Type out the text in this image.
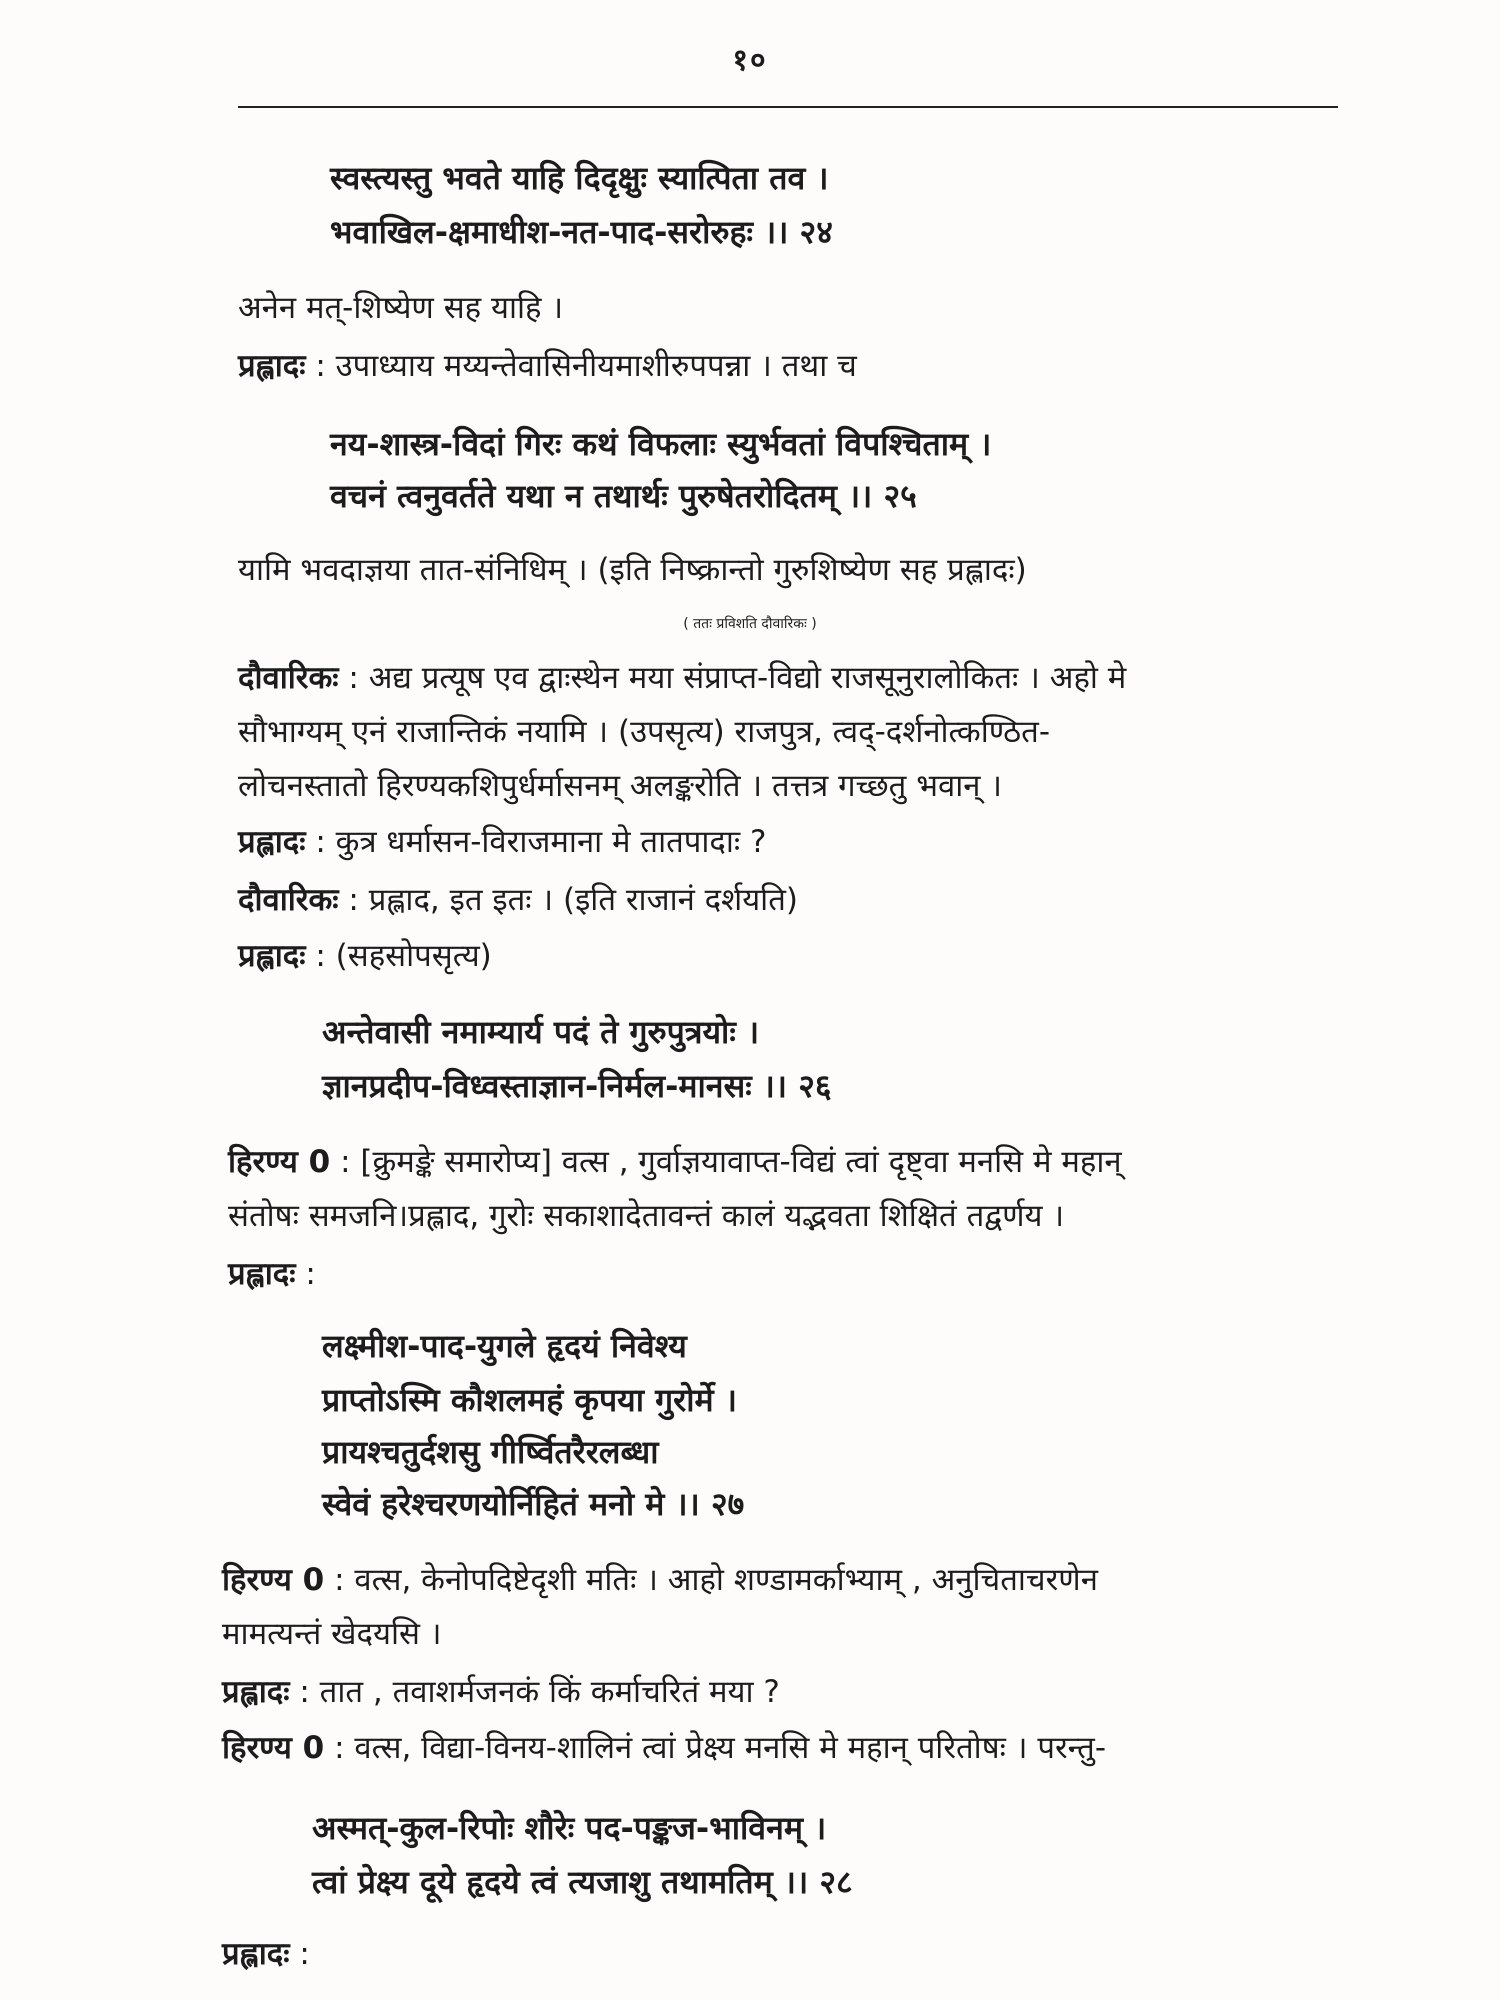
१०
स्वस्त्यस्तु भवते याहि दिदृक्षुः स्यात्पिता तव ।
भवाखिल-क्षमाधीश-नत-पाद-सरोरुहः ।। २४
अनेन मत्-शिष्येण सह याहि ।
प्रह्लादः : उपाध्याय मय्यन्तेवासिनीयमाशीरुपपन्ना । तथा च
नय-शास्त्र-विदां गिरः कथं विफलाः स्युर्भवतां विपश्चिताम् ।
वचनं त्वनुवर्तते यथा न तथार्थः पुरुषेतरोदितम् ।। २५
यामि भवदाज्ञया तात-संनिधिम् । (इति निष्क्रान्तो गुरुशिष्येण सह प्रह्लादः)
( ततः प्रविशति दौवारिकः )
दौवारिकः : अद्य प्रत्यूष एव द्वाःस्थेन मया संप्राप्त-विद्यो राजसूनुरालोकितः । अहो मे
सौभाग्यम् एनं राजान्तिकं नयामि । (उपसृत्य) राजपुत्र, त्वद्-दर्शनोत्कण्ठित-
लोचनस्तातो हिरण्यकशिपुर्धर्मासनम् अलङ्करोति । तत्तत्र गच्छतु भवान् ।
प्रह्लादः : कुत्र धर्मासन-विराजमाना मे तातपादाः ?
दौवारिकः : प्रह्लाद, इत इतः । (इति राजानं दर्शयति)
प्रह्लादः : (सहसोपसृत्य)
अन्तेवासी नमाम्यार्य पदं ते गुरुपुत्रयोः ।
ज्ञानप्रदीप-विध्वस्ताज्ञान-निर्मल-मानसः ।। २६
हिरण्य 0 : [क्रुमङ्के समारोप्य] वत्स , गुर्वाज्ञयावाप्त-विद्यं त्वां दृष्ट्वा मनसि मे महान्
संतोषः समजनि।प्रह्लाद, गुरोः सकाशादेतावन्तं कालं यद्भवता शिक्षितं तद्वर्णय ।
प्रह्लादः :
लक्ष्मीश-पाद-युगले हृदयं निवेश्य
प्राप्तोऽस्मि कौशलमहं कृपया गुरोर्मे ।
प्रायश्चतुर्दशसु गीर्ष्वितरैरलब्धा
स्वेवं हरेश्चरणयोर्निहितं मनो मे ।। २७
हिरण्य 0 : वत्स, केनोपदिष्टेदृशी मतिः । आहो शण्डामर्काभ्याम् , अनुचिताचरणेन
मामत्यन्तं खेदयसि ।
प्रह्लादः : तात , तवाशर्मजनकं किं कर्माचरितं मया ?
हिरण्य 0 : वत्स, विद्या-विनय-शालिनं त्वां प्रेक्ष्य मनसि मे महान् परितोषः । परन्तु-
अस्मत्-कुल-रिपोः शौरेः पद-पङ्कज-भाविनम् ।
त्वां प्रेक्ष्य दूये हृदये त्वं त्यजाशु तथामतिम् ।। २८
प्रह्लादः :
